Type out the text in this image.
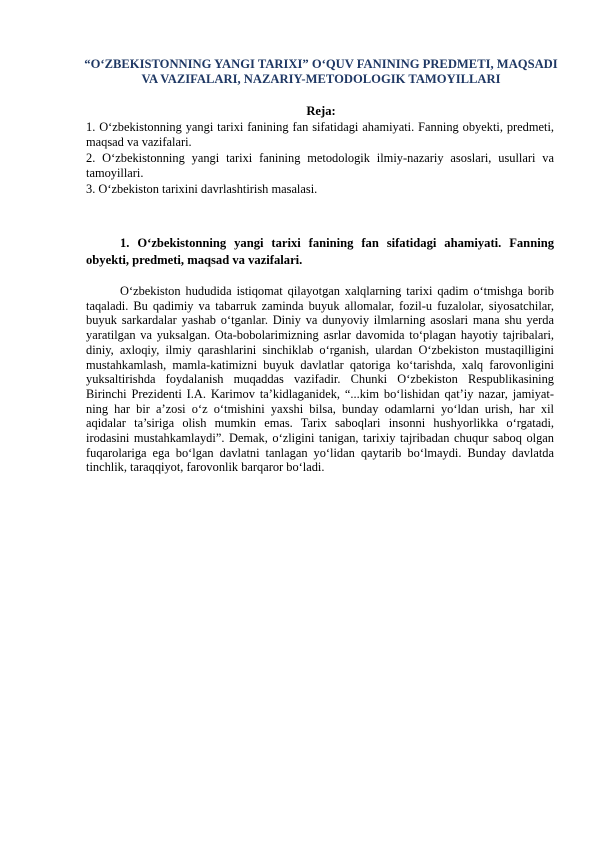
“O‘ZBEKISTONNING YANGI TARIXI” O‘QUV FANINING PREDMETI, MAQSADI VA VAZIFALARI, NAZARIY-METODOLOGIK TAMOYILLARI
Reja:
1. O‘zbekistonning yangi tarixi fanining fan sifatidagi ahamiyati. Fanning obyekti, predmeti, maqsad va vazifalari.
2. O‘zbekistonning yangi tarixi fanining metodologik ilmiy-nazariy asoslari, usullari va tamoyillari.
3. O‘zbekiston tarixini davrlashtirish masalasi.
1. O‘zbekistonning yangi tarixi fanining fan sifatidagi ahamiyati. Fanning obyekti, predmeti, maqsad va vazifalari.

O‘zbekiston hududida istiqomat qilayotgan xalqlarning tarixi qadim o‘tmishga borib taqaladi. Bu qadimiy va tabarruk zaminda buyuk allomalar, fozil-u fuzalolar, siyosatchilar, buyuk sarkardalar yashab o‘tganlar. Diniy va dunyoviy ilmlarning asoslari mana shu yerda yaratilgan va yuksalgan. Ota-bobolarimizning asrlar davomida to‘plagan hayotiy tajribalari, diniy, axloqiy, ilmiy qarashlarini sinchiklab o‘rganish, ulardan O‘zbekiston mustaqilligini mustahkamlash, mamla-katimizni buyuk davlatlar qatoriga ko‘tarishda, xalq farovonligini yuksaltirishda foydalanish muqaddas vazifadir. Chunki O‘zbekiston Respublikasining Birinchi Prezidenti I.A. Karimov ta’kidlaganidek, “...kim bo‘lishidan qat’iy nazar, jamiyat-ning har bir a’zosi o‘z o‘tmishini yaxshi bilsa, bunday odamlarni yo‘ldan urish, har xil aqidalar ta’siriga olish mumkin emas. Tarix saboqlari insonni hushyorlikka o‘rgatadi, irodasini mustahkamlaydi”. Demak, o‘zligini tanigan, tarixiy tajribadan chuqur saboq olgan fuqarolariga ega bo‘lgan davlatni tanlagan yo‘lidan qaytarib bo‘lmaydi. Bunday davlatda tinchlik, taraqqiyot, farovonlik barqaror bo‘ladi.
